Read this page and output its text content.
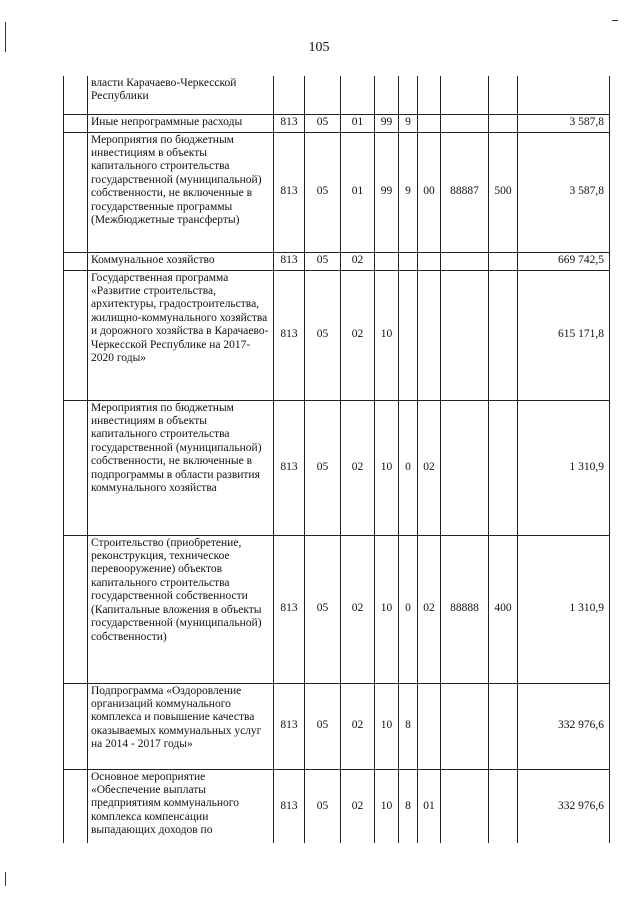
105
	власти Карачаево-Черкесской Республики									
	Иные непрограммные расходы	813	05	01	99	9				3 587,8
	Мероприятия по бюджетным инвестициям в объекты капитального строительства государственной (муниципальной) собственности, не включенные в государственные программы (Межбюджетные трансферты)	813	05	01	99	9	00	88887	500	3 587,8
	Коммунальное хозяйство	813	05	02						669 742,5
	Государственная программа «Развитие строительства, архитектуры, градостроительства, жилищно-коммунального хозяйства и дорожного хозяйства в Карачаево-Черкесской Республике на 2017-2020 годы»	813	05	02	10					615 171,8
	Мероприятия по бюджетным инвестициям в объекты капитального строительства государственной (муниципальной) собственности, не включенные в подпрограммы в области развития коммунального хозяйства	813	05	02	10	0	02			1 310,9
	Строительство (приобретение, реконструкция, техническое перевооружение) объектов капитального строительства государственной собственности (Капитальные вложения в объекты государственной (муниципальной) собственности)	813	05	02	10	0	02	88888	400	1 310,9
	Подпрограмма «Оздоровление организаций коммунального комплекса и повышение качества оказываемых коммунальных услуг на 2014 - 2017 годы»	813	05	02	10	8				332 976,6
	Основное мероприятие «Обеспечение выплаты предприятиям коммунального комплекса компенсации выпадающих доходов по	813	05	02	10	8	01			332 976,6
